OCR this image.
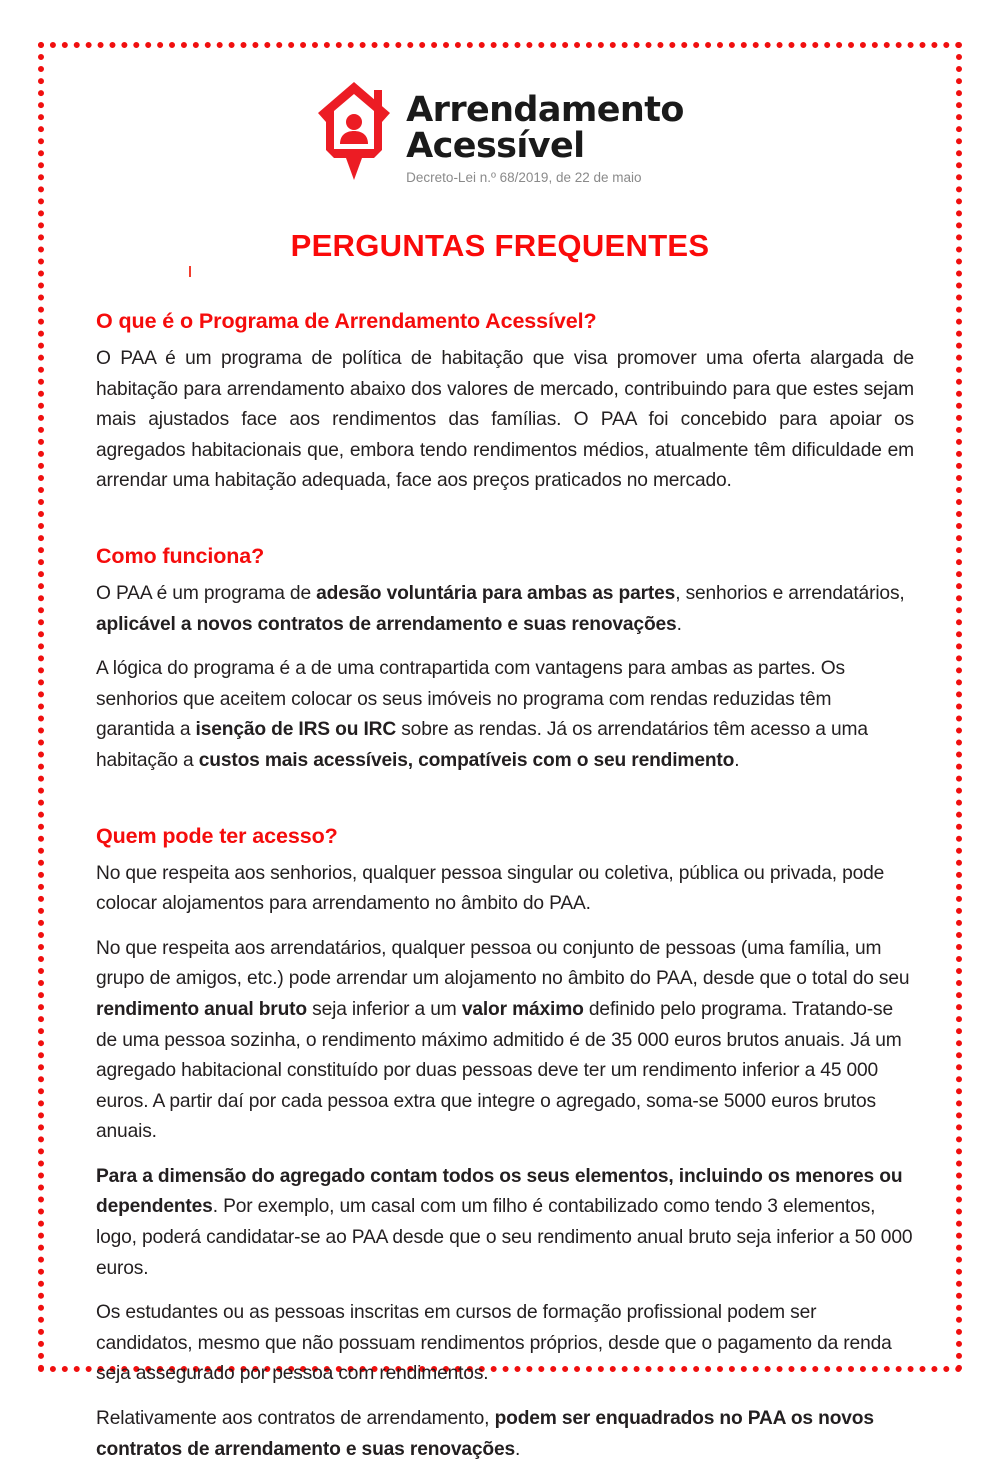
Arrendamento
Acessível
Decreto-Lei n.º 68/2019, de 22 de maio
PERGUNTAS FREQUENTES
O que é o Programa de Arrendamento Acessível?

O PAA é um programa de política de habitação que visa promover uma oferta alargada de habitação para arrendamento abaixo dos valores de mercado, contribuindo para que estes sejam mais ajustados face aos rendimentos das famílias. O PAA foi concebido para apoiar os agregados habitacionais que, embora tendo rendimentos médios, atualmente têm dificuldade em arrendar uma habitação adequada, face aos preços praticados no mercado.

Como funciona?

O PAA é um programa de adesão voluntária para ambas as partes, senhorios e arrendatários, aplicável a novos contratos de arrendamento e suas renovações.

A lógica do programa é a de uma contrapartida com vantagens para ambas as partes. Os senhorios que aceitem colocar os seus imóveis no programa com rendas reduzidas têm garantida a isenção de IRS ou IRC sobre as rendas. Já os arrendatários têm acesso a uma habitação a custos mais acessíveis, compatíveis com o seu rendimento.

Quem pode ter acesso?

No que respeita aos senhorios, qualquer pessoa singular ou coletiva, pública ou privada, pode colocar alojamentos para arrendamento no âmbito do PAA.

No que respeita aos arrendatários, qualquer pessoa ou conjunto de pessoas (uma família, um grupo de amigos, etc.) pode arrendar um alojamento no âmbito do PAA, desde que o total do seu rendimento anual bruto seja inferior a um valor máximo definido pelo programa. Tratando-se de uma pessoa sozinha, o rendimento máximo admitido é de 35 000 euros brutos anuais. Já um agregado habitacional constituído por duas pessoas deve ter um rendimento inferior a 45 000 euros. A partir daí por cada pessoa extra que integre o agregado, soma-se 5000 euros brutos anuais.

Para a dimensão do agregado contam todos os seus elementos, incluindo os menores ou dependentes. Por exemplo, um casal com um filho é contabilizado como tendo 3 elementos, logo, poderá candidatar-se ao PAA desde que o seu rendimento anual bruto seja inferior a 50 000 euros.

Os estudantes ou as pessoas inscritas em cursos de formação profissional podem ser candidatos, mesmo que não possuam rendimentos próprios, desde que o pagamento da renda seja assegurado por pessoa com rendimentos.

Relativamente aos contratos de arrendamento, podem ser enquadrados no PAA os novos contratos de arrendamento e suas renovações.
